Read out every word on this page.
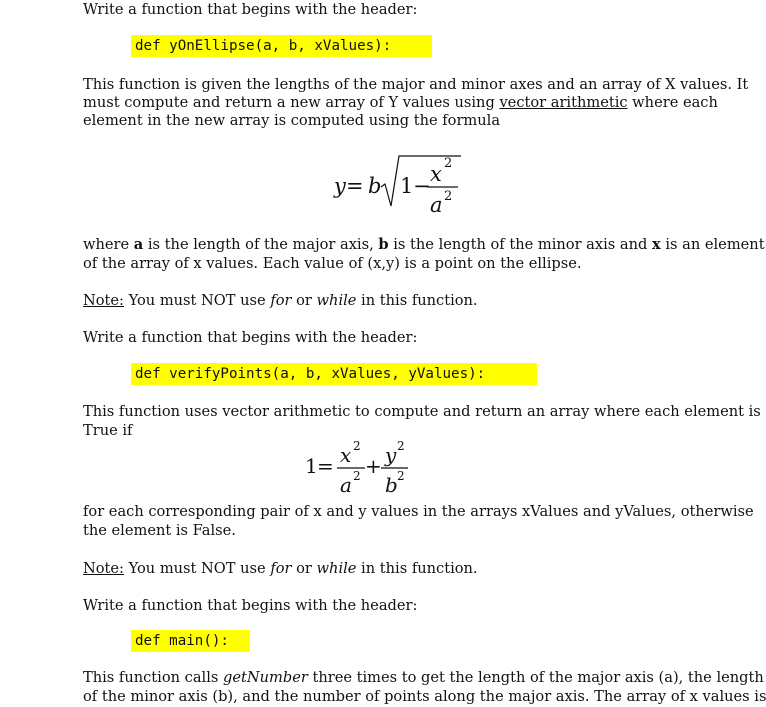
Write a function that begins with the header:

def yOnEllipse(a, b, xValues):

This function is given the lengths of the major and minor axes and an array of X values. It

must compute and return a new array of Y values using vector arithmetic where each

element in the new array is computed using the formula

y = b 1 − x 2
a 2

where a is the length of the major axis, b is the length of the minor axis and x is an element

of the array of x values. Each value of (x,y) is a point on the ellipse.

Note: You must NOT use for or while in this function.

Write a function that begins with the header:

def verifyPoints(a, b, xValues, yValues):

This function uses vector arithmetic to compute and return an array where each element is

True if

1 = x 2
a 2 + y 2
b 2

for each corresponding pair of x and y values in the arrays xValues and yValues, otherwise

the element is False.

Note: You must NOT use for or while in this function.

Write a function that begins with the header:

def main():

This function calls getNumber three times to get the length of the major axis (a), the length

of the minor axis (b), and the number of points along the major axis. The array of x values is
